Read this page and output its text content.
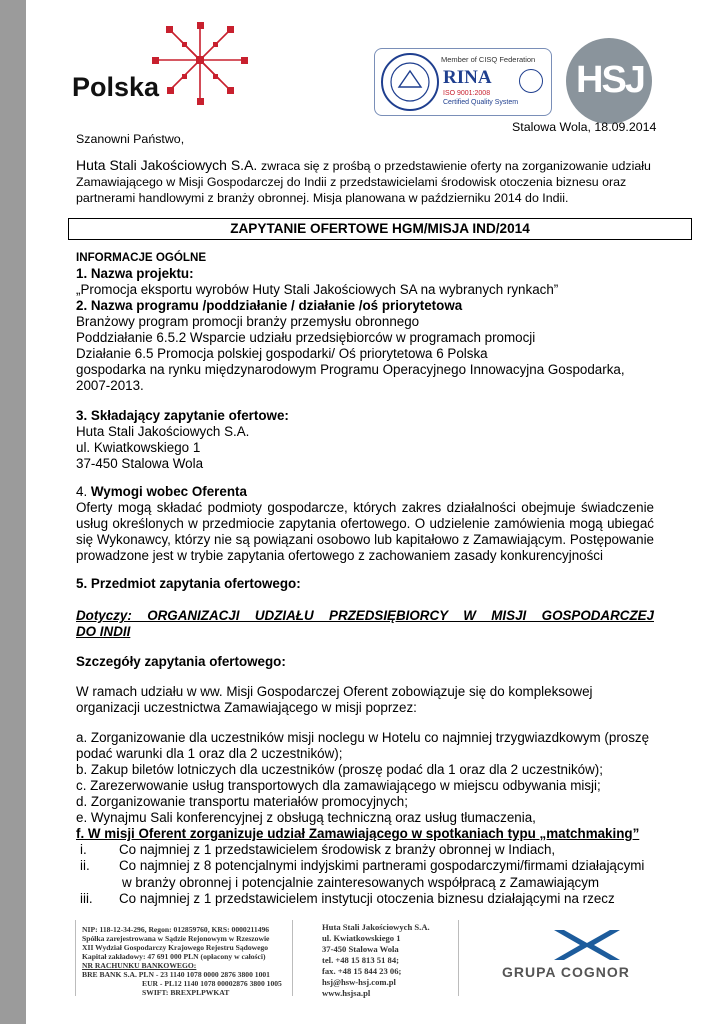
Polska
Member of CISQ Federation
RINA
ISO 9001:2008
Certified Quality System
HSJ
Stalowa Wola, 18.09.2014
Szanowni Państwo,
Huta Stali Jakościowych S.A. zwraca się z prośbą o przedstawienie oferty na zorganizowanie udziału
Zamawiającego w Misji Gospodarczej do Indii z przedstawicielami środowisk otoczenia biznesu oraz
partnerami handlowymi z branży obronnej. Misja planowana w październiku 2014 do Indii.
ZAPYTANIE OFERTOWE HGM/MISJA IND/2014
INFORMACJE OGÓLNE
1. Nazwa projektu:
„Promocja eksportu wyrobów Huty Stali Jakościowych SA na wybranych rynkach”
2. Nazwa programu /poddziałanie / działanie /oś priorytetowa
Branżowy program promocji branży przemysłu obronnego
Poddziałanie 6.5.2 Wsparcie udziału przedsiębiorców w programach promocji
Działanie 6.5 Promocja polskiej gospodarki/ Oś priorytetowa 6 Polska
gospodarka na rynku międzynarodowym Programu Operacyjnego Innowacyjna Gospodarka,
2007-2013.
3. Składający zapytanie ofertowe:
Huta Stali Jakościowych S.A.
ul. Kwiatkowskiego 1
37-450 Stalowa Wola
4. Wymogi wobec Oferenta
Oferty mogą składać podmioty gospodarcze, których zakres działalności obejmuje świadczenie
usług określonych w przedmiocie zapytania ofertowego. O udzielenie zamówienia mogą ubiegać
się Wykonawcy, którzy nie są powiązani osobowo lub kapitałowo z Zamawiającym. Postępowanie
prowadzone jest w trybie zapytania ofertowego z zachowaniem zasady konkurencyjności
5. Przedmiot zapytania ofertowego:
Dotyczy: ORGANIZACJI UDZIAŁU PRZEDSIĘBIORCY W MISJI GOSPODARCZEJ
DO INDII
Szczegóły zapytania ofertowego:
W ramach udziału w ww. Misji Gospodarczej Oferent zobowiązuje się do kompleksowej
organizacji uczestnictwa Zamawiającego w misji poprzez:
a. Zorganizowanie dla uczestników misji noclegu w Hotelu co najmniej trzygwiazdkowym (proszę
podać warunki dla 1 oraz dla 2 uczestników);
b. Zakup biletów lotniczych dla uczestników (proszę podać dla 1 oraz dla 2 uczestników);
c. Zarezerwowanie usług transportowych dla zamawiającego w miejscu odbywania misji;
d. Zorganizowanie transportu materiałów promocyjnych;
e. Wynajmu Sali konferencyjnej z obsługą techniczną oraz usług tłumaczenia,
f. W misji Oferent zorganizuje udział Zamawiającego w spotkaniach typu „matchmaking”
i. Co najmniej z 1 przedstawicielem środowisk z branży obronnej w Indiach,
ii. Co najmniej z 8 potencjalnymi indyjskimi partnerami gospodarczymi/firmami działającymi
w branży obronnej i potencjalnie zainteresowanych współpracą z Zamawiającym
iii. Co najmniej z 1 przedstawicielem instytucji otoczenia biznesu działającymi na rzecz
NIP: 118-12-34-296, Regon: 012859760, KRS: 0000211496
Spółka zarejestrowana w Sądzie Rejonowym w Rzeszowie
XII Wydział Gospodarczy Krajowego Rejestru Sądowego
Kapitał zakładowy: 47 691 000 PLN (opłacony w całości)
NR RACHUNKU BANKOWEGO:
BRE BANK S.A. PLN - 23 1140 1078 0000 2876 3800 1001
EUR - PL12 1140 1078 00002876 3800 1005
SWIFT: BREXPLPWKAT
Huta Stali Jakościowych S.A.
ul. Kwiatkowskiego 1
37-450 Stalowa Wola
tel. +48 15 813 51 84;
fax. +48 15 844 23 06;
hsj@hsw-hsj.com.pl
www.hsjsa.pl
GRUPA COGNOR
